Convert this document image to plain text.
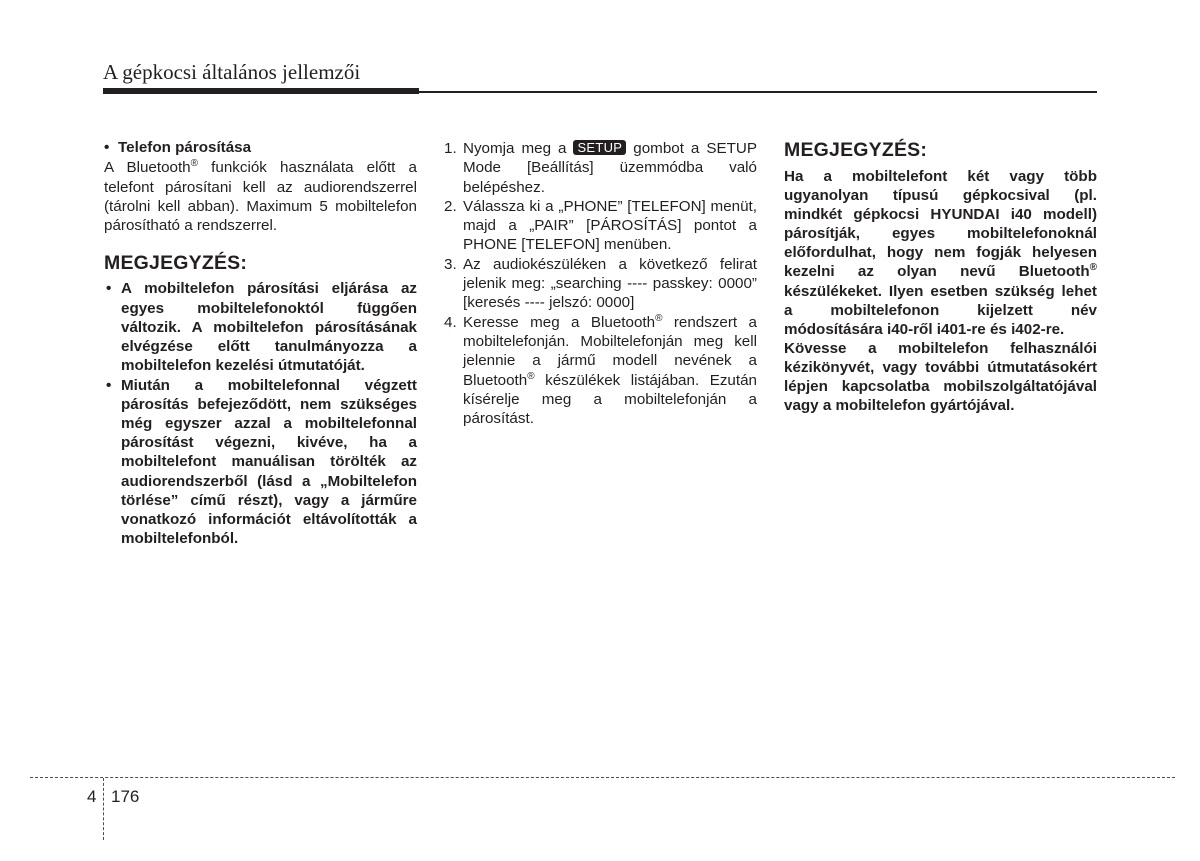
A gépkocsi általános jellemzői
• Telefon párosítása

A Bluetooth® funkciók használata előtt a telefont párosítani kell az audiorendszerrel (tárolni kell abban). Maximum 5 mobiltelefon párosítható a rendszerrel.

MEGJEGYZÉS:
• A mobiltelefon párosítási eljárása az egyes mobiltelefonoktól függően változik. A mobiltelefon párosításának elvégzése előtt tanulmányozza a mobiltelefon kezelési útmutatóját.
• Miután a mobiltelefonnal végzett párosítás befejeződött, nem szükséges még egyszer azzal a mobiltelefonnal párosítást végezni, kivéve, ha a mobiltelefont manuálisan törölték az audiorendszerből (lásd a „Mobiltelefon törlése” című részt), vagy a járműre vonatkozó információt eltávolították a mobiltelefonból.
1. Nyomja meg a SETUP gombot a SETUP Mode [Beállítás] üzemmódba való belépéshez.
2. Válassza ki a „PHONE” [TELEFON] menüt, majd a „PAIR” [PÁROSÍTÁS] pontot a PHONE [TELEFON] menüben.
3. Az audiokészüléken a következő felirat jelenik meg: „searching ---- passkey: 0000” [keresés ---- jelszó: 0000]
4. Keresse meg a Bluetooth® rendszert a mobiltelefonján. Mobiltelefonján meg kell jelennie a jármű modell nevének a Bluetooth® készülékek listájában. Ezután kísérelje meg a mobiltelefonján a párosítást.
MEGJEGYZÉS:

Ha a mobiltelefont két vagy több ugyanolyan típusú gépkocsival (pl. mindkét gépkocsi HYUNDAI i40 modell) párosítják, egyes mobiltelefonoknál előfordulhat, hogy nem fogják helyesen kezelni az olyan nevű Bluetooth® készülékeket. Ilyen esetben szükség lehet a mobiltelefonon kijelzett név módosítására i40-ről i401-re és i402-re.

Kövesse a mobiltelefon felhasználói kézikönyvét, vagy további útmutatásokért lépjen kapcsolatba mobilszolgáltatójával vagy a mobiltelefon gyártójával.

4 176
